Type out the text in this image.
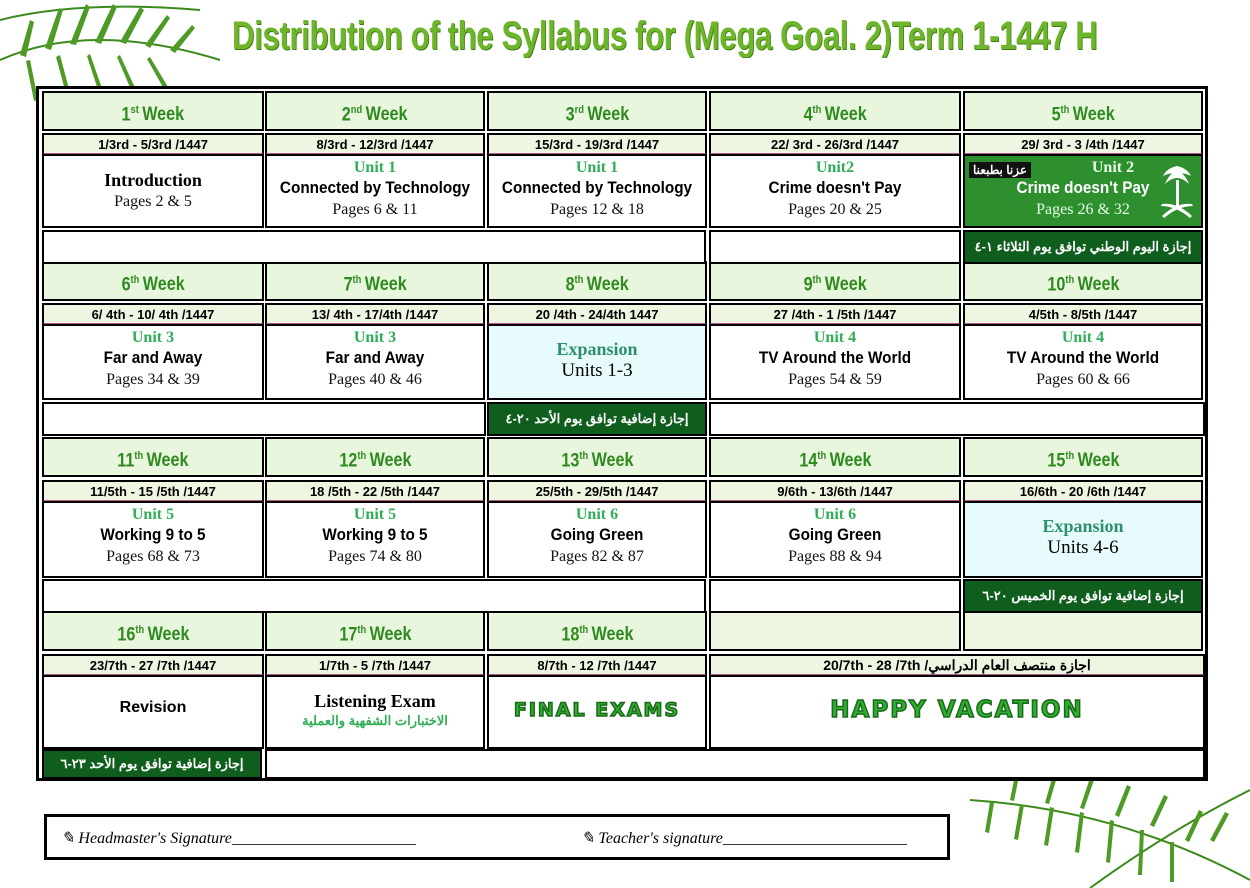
Distribution of the Syllabus for (Mega Goal. 2)Term 1-1447 H
1st Week
1/3rd - 5/3rd /1447
Introduction
Pages 2 & 5
2nd Week
8/3rd - 12/3rd /1447
Unit 1
Connected by Technology
Pages 6 & 11
3rd Week
15/3rd - 19/3rd /1447
Unit 1
Connected by Technology
Pages 12 & 18
4th Week
22/ 3rd - 26/3rd /1447
Unit2
Crime doesn't Pay
Pages 20 & 25
5th Week
29/ 3rd - 3 /4th /1447
عزنا بطبعنا	Unit 2
Crime doesn't Pay
Pages 26 & 32
6th Week
6/ 4th - 10/ 4th /1447
Unit 3
Far and Away
Pages 34 & 39
7th Week
13/ 4th - 17/4th /1447
Unit 3
Far and Away
Pages 40 & 46
8th Week
20 /4th - 24/4th 1447
Expansion
Units 1-3
9th Week
27 /4th - 1 /5th /1447
Unit 4
TV Around the World
Pages 54 & 59
10th Week
4/5th - 8/5th /1447
Unit 4
TV Around the World
Pages 60 & 66
11th Week
11/5th - 15 /5th /1447
Unit 5
Working 9 to 5
Pages 68 & 73
12th Week
18 /5th - 22 /5th /1447
Unit 5
Working 9 to 5
Pages 74 & 80
13th Week
25/5th - 29/5th /1447
Unit 6
Going Green
Pages 82 & 87
14th Week
9/6th - 13/6th /1447
Unit 6
Going Green
Pages 88 & 94
15th Week
16/6th - 20 /6th /1447
Expansion
Units 4-6
16th Week
23/7th - 27 /7th /1447
Revision
17th Week
1/7th - 5 /7th /1447
Listening Exam
الاختبارات الشفهية والعملية
18th Week
8/7th - 12 /7th /1447
FINAL EXAMS
إجازة اليوم الوطني توافق يوم الثلاثاء ١-٤
إجازة إضافية توافق يوم الأحد ٢٠-٤
إجازة إضافية توافق يوم الخميس ٢٠-٦
اجازة منتصف العام الدراسي/ 20/7th - 28 /7th
HAPPY VACATION
إجازة إضافية توافق يوم الأحد ٢٣-٦
✎ Headmaster's Signature_______________________	✎ Teacher's signature_______________________
